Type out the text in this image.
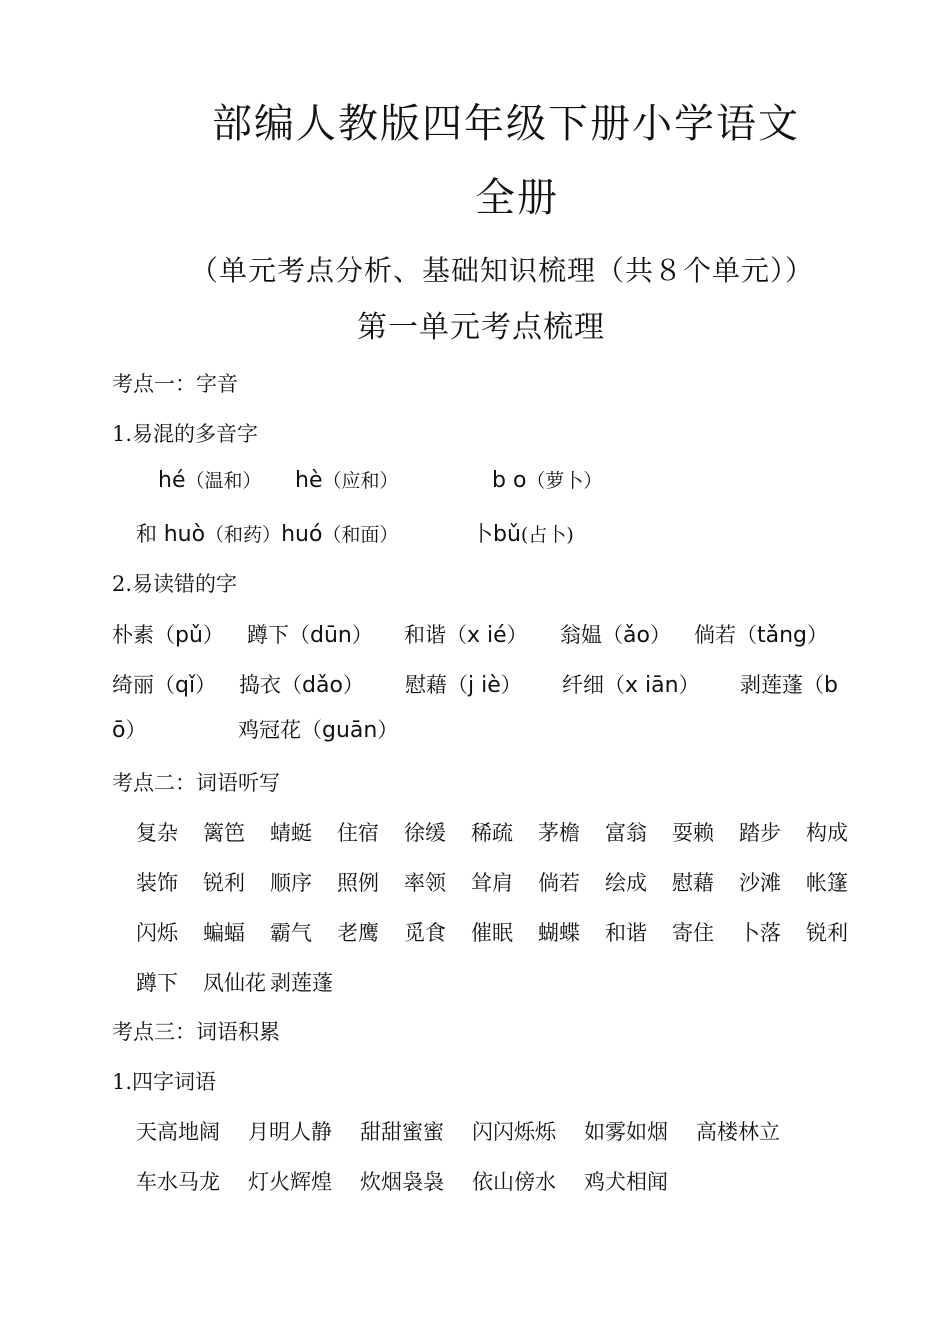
部编人教版四年级下册小学语文
全册
（单元考点分析、基础知识梳理（共８个单元））
第一单元考点梳理
考点一：字音
1.易混的多音字
hé（温和） hè（应和）	b o（萝卜）
和 huò（和药）huó（和面）	卜bǔ(占卜)
2.易读错的字
朴素（pǔ） 蹲下（dūn） 和谐（x ié） 翁媪（ǎo） 倘若（tǎng）
绮丽（qǐ） 捣衣（dǎo） 慰藉（j iè） 纤细（x iān） 剥莲蓬（b
ō）	鸡冠花（guān）
考点二：词语听写
复杂 篱笆 蜻蜓 住宿 徐缓 稀疏 茅檐 富翁 耍赖 踏步 构成
装饰 锐利 顺序 照例 率领 耸肩 倘若 绘成 慰藉 沙滩 帐篷
闪烁 蝙蝠 霸气 老鹰 觅食 催眠 蝴蝶 和谐 寄住 卜落 锐利
蹲下 凤仙花 剥莲蓬
考点三：词语积累
1.四字词语
天高地阔 月明人静 甜甜蜜蜜 闪闪烁烁 如雾如烟 高楼林立
车水马龙 灯火辉煌 炊烟袅袅 依山傍水 鸡犬相闻
